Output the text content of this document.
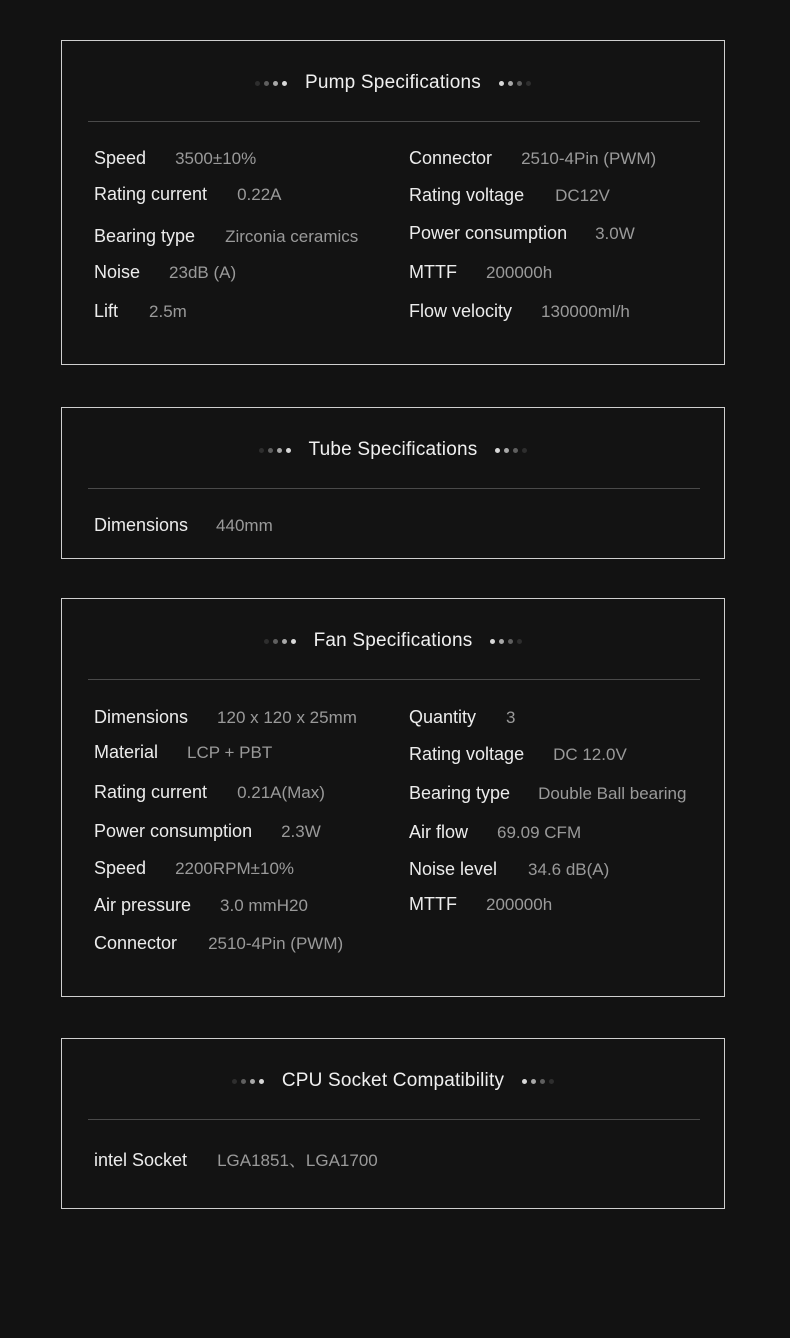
Pump Specifications
Speed 3500±10%	Connector 2510-4Pin (PWM)
Rating current 0.22A	Rating voltage DC12V
Bearing type Zirconia ceramics	Power consumption 3.0W
Noise 23dB (A)	MTTF 200000h
Lift 2.5m	Flow velocity 130000ml/h
Tube Specifications
Dimensions 440mm
Fan Specifications
Dimensions 120 x 120 x 25mm	Quantity 3
Material LCP + PBT	Rating voltage DC 12.0V
Rating current 0.21A(Max)	Bearing type Double Ball bearing
Power consumption 2.3W	Air flow 69.09 CFM
Speed 2200RPM±10%	Noise level 34.6 dB(A)
Air pressure 3.0 mmH20	MTTF 200000h
Connector 2510-4Pin (PWM)
CPU Socket Compatibility
intel Socket LGA1851、LGA1700
